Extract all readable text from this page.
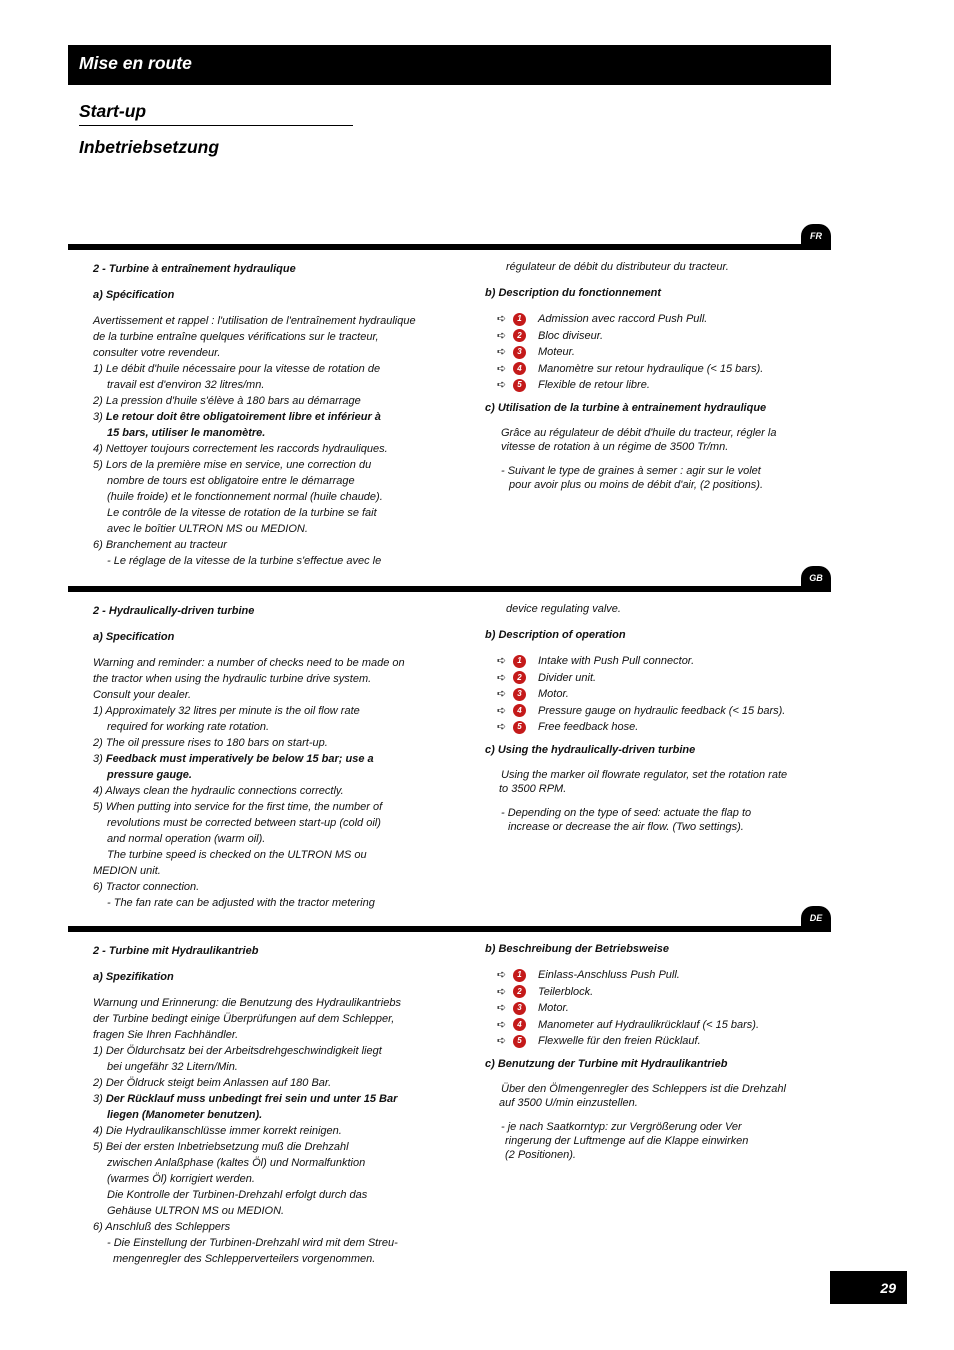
Mise en route
Start-up
Inbetriebsetzung
FR

2 - Turbine à entraînement hydraulique

a) Spécification

Avertissement et rappel : l'utilisation de l'entraînement hydraulique

de la turbine entraîne quelques vérifications sur le tracteur,

consulter votre revendeur.

1) Le débit d'huile nécessaire pour la vitesse de rotation de

travail est d'environ 32 litres/mn.

2) La pression d'huile s'élève à 180 bars au démarrage

3) Le retour doit être obligatoirement libre et inférieur à

15 bars, utiliser le manomètre.

4) Nettoyer toujours correctement les raccords hydrauliques.

5) Lors de la première mise en service, une correction du

nombre de tours est obligatoire entre le démarrage

(huile froide) et le fonctionnement normal (huile chaude).

Le contrôle de la vitesse de rotation de la turbine se fait

avec le boîtier ULTRON MS ou MEDION.

6) Branchement au tracteur

- Le réglage de la vitesse de la turbine s'effectue avec le

régulateur de débit du distributeur du tracteur.

b) Description du fonctionnement

➪	1	Admission avec raccord Push Pull.
➪	2	Bloc diviseur.
➪	3	Moteur.
➪	4	Manomètre sur retour hydraulique (< 15 bars).
➪	5	Flexible de retour libre.

c) Utilisation de la turbine à entrainement hydraulique

Grâce au régulateur de débit d'huile du tracteur, régler la

vitesse de rotation à un régime de 3500 Tr/mn.

- Suivant le type de graines à semer : agir sur le volet

pour avoir plus ou moins de débit d'air, (2 positions).

GB

2 - Hydraulically-driven turbine

a) Specification

Warning and reminder: a number of checks need to be made on

the tractor when using the hydraulic turbine drive system.

Consult your dealer.

1) Approximately 32 litres per minute is the oil flow rate

required for working rate rotation.

2) The oil pressure rises to 180 bars on start-up.

3) Feedback must imperatively be below 15 bar; use a

pressure gauge.

4) Always clean the hydraulic connections correctly.

5) When putting into service for the first time, the number of

revolutions must be corrected between start-up (cold oil)

and normal operation (warm oil).

The turbine speed is checked on the ULTRON MS ou

MEDION unit.

6) Tractor connection.

- The fan rate can be adjusted with the tractor metering

device regulating valve.

b) Description of operation

➪	1	Intake with Push Pull connector.
➪	2	Divider unit.
➪	3	Motor.
➪	4	Pressure gauge on hydraulic feedback (< 15 bars).
➪	5	Free feedback hose.

c) Using the hydraulically-driven turbine

Using the marker oil flowrate regulator, set the rotation rate

to 3500 RPM.

- Depending on the type of seed: actuate the flap to

increase or decrease the air flow. (Two settings).

DE

2 - Turbine mit Hydraulikantrieb

a) Spezifikation

Warnung und Erinnerung: die Benutzung des Hydraulikantriebs

der Turbine bedingt einige Überprüfungen auf dem Schlepper,

fragen Sie Ihren Fachhändler.

1) Der Öldurchsatz bei der Arbeitsdrehgeschwindigkeit liegt

bei ungefähr 32 Litern/Min.

2) Der Öldruck steigt beim Anlassen auf 180 Bar.

3) Der Rücklauf muss unbedingt frei sein und unter 15 Bar

liegen (Manometer benutzen).

4) Die Hydraulikanschlüsse immer korrekt reinigen.

5) Bei der ersten Inbetriebsetzung muß die Drehzahl

zwischen Anlaßphase (kaltes Öl) und Normalfunktion

(warmes Öl) korrigiert werden.

Die Kontrolle der Turbinen-Drehzahl erfolgt durch das

Gehäuse ULTRON MS ou MEDION.

6) Anschluß des Schleppers

- Die Einstellung der Turbinen-Drehzahl wird mit dem Streu-

mengenregler des Schlepperverteilers vorgenommen.

b) Beschreibung der Betriebsweise

➪	1	Einlass-Anschluss Push Pull.
➪	2	Teilerblock.
➪	3	Motor.
➪	4	Manometer auf Hydraulikrücklauf (< 15 bars).
➪	5	Flexwelle für den freien Rücklauf.

c) Benutzung der Turbine mit Hydraulikantrieb

Über den Ölmengenregler des Schleppers ist die Drehzahl

auf 3500 U/min einzustellen.

- je nach Saatkorntyp: zur Vergrößerung oder Ver

ringerung der Luftmenge auf die Klappe einwirken

(2 Positionen).

29
